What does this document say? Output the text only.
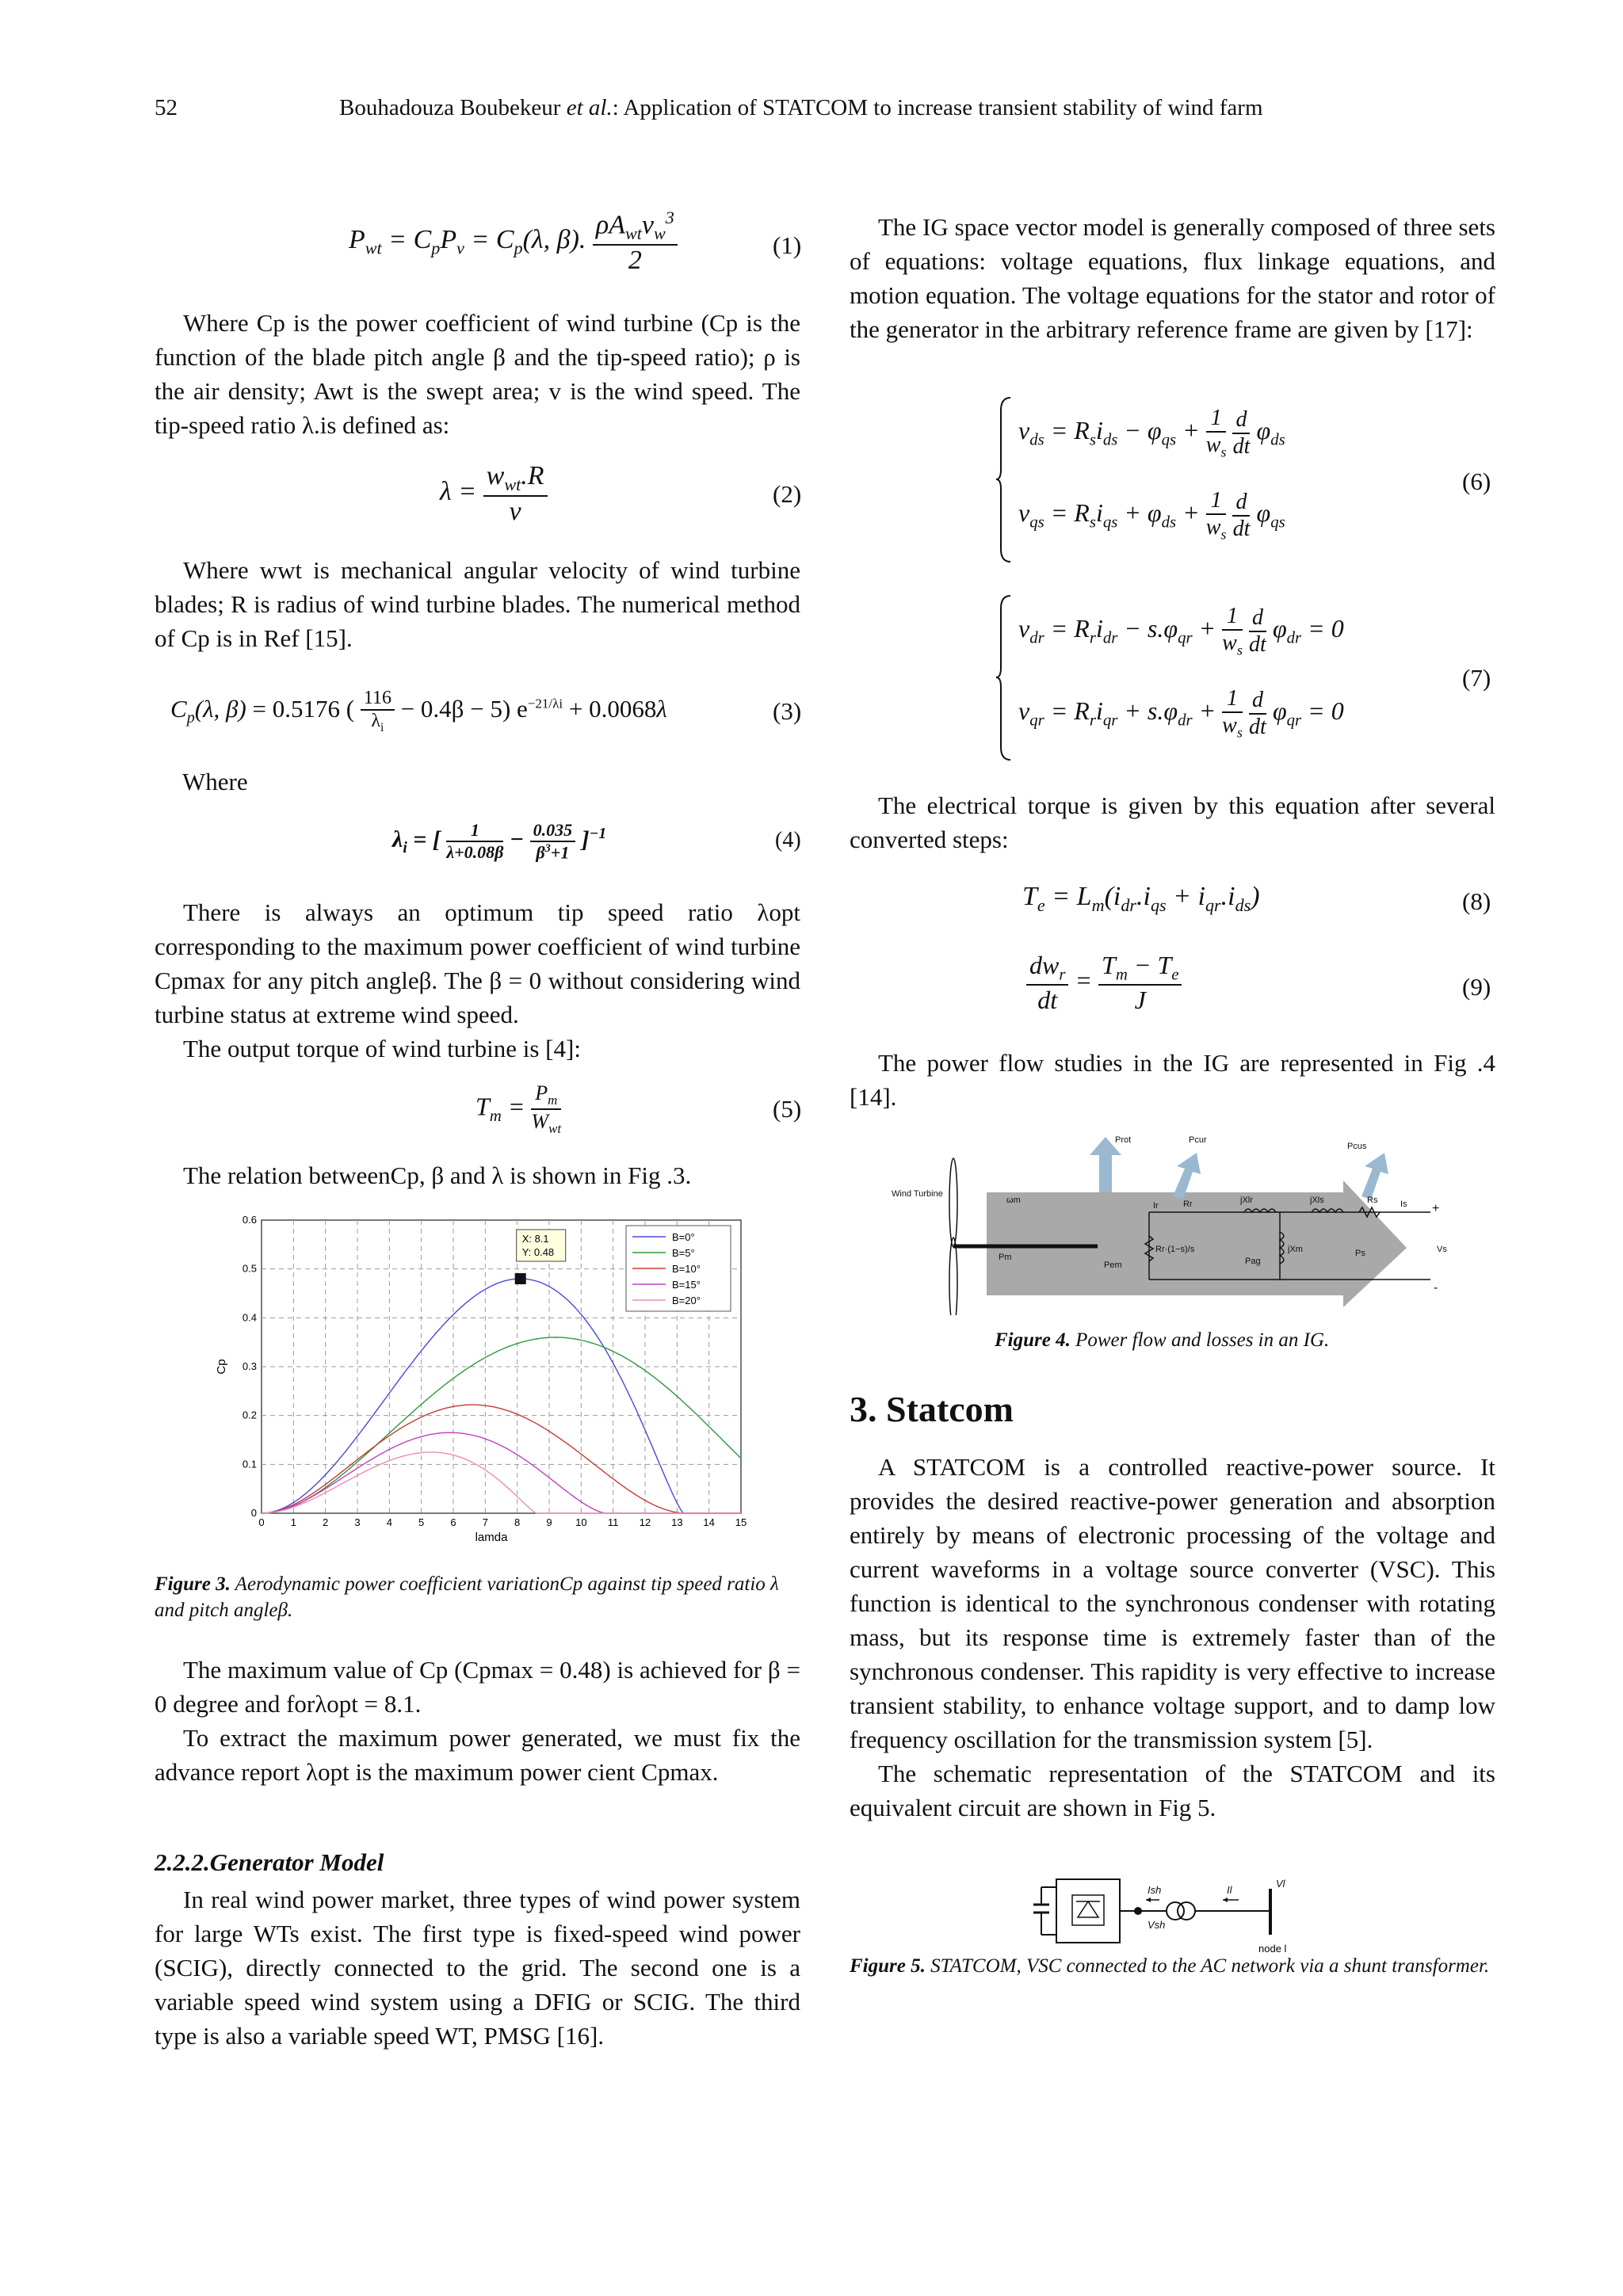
52	Bouhadouza Boubekeur et al.: Application of STATCOM to increase transient stability of wind farm
$P_{wt} = C_pP_v = C_p(\lambda$, β). $\frac{\rho A_{wt}v_w^3}{2}$	(1)

Where Cp is the power coefficient of wind turbine (Cp is the function of the blade pitch angle β and the tip-speed ratio); ρ is the air density; Awt is the swept area; v is the wind speed. The tip-speed ratio λ.is defined as:

$\lambda = \frac{w_{wt}.R}{v}$	(2)

Where wwt is mechanical angular velocity of wind turbine blades; R is radius of wind turbine blades. The numerical method of Cp is in Ref [15].

$C_p(\lambda$, β) = 0.5176 ( $\frac{116}{\lambda_i} - 0.4\beta - 5$) $e^{-21/\lambda i} + 0.0068\lambda$	(3)

Where

$\lambda_i$ = [ $\frac{1}{\lambda+0.08\beta} - \frac{0.035}{\beta^3+1} ]^{-1}$	(4)

There is always an optimum tip speed ratio λopt corresponding to the maximum power coefficient of wind turbine Cpmax for any pitch angleβ. The β = 0 without considering wind turbine status at extreme wind speed.

The output torque of wind turbine is [4]:

$T_m = \frac{P_m}{W_{wt}}$	(5)

The relation betweenCp, β and λ is shown in Fig .3.

0	1	2	3	4	5	6	7	8	9 10 11 12 13 14 15
0
0.1
0.2
0.3
0.4
0.5
0.6
B=0°
B=5°
B=10°
B=15°
B=20°
X: 8.1
Y: 0.48
lamda
Cp
Figure 3. Aerodynamic power coefficient variationCp against tip speed ratio λ and pitch angleβ.

The maximum value of Cp (Cpmax = 0.48) is achieved for β = 0 degree and forλopt = 8.1.

To extract the maximum power generated, we must fix the advance report λopt is the maximum power cient Cpmax.

2.2.2.Generator Model

In real wind power market, three types of wind power system for large WTs exist. The first type is fixed-speed wind power (SCIG), directly connected to the grid. The second one is a variable speed wind system using a DFIG or SCIG. The third type is also a variable speed WT, PMSG [16].

The IG space vector model is generally composed of three sets of equations: voltage equations, flux linkage equations, and motion equation. The voltage equations for the stator and rotor of the generator in the arbitrary reference frame are given by [17]:

$v_{ds} = R_si_{ds} - \varphi_{qs} + \frac{1}{w_s}$
$\frac{d}{dt} \varphi_{ds}$
$v_{qs} = R_si_{qs} + \varphi_{ds} + \frac{1}{w_s}$
$\frac{d}{dt} \varphi_{qs}$
(6)
$v_{dr} = R_ri_{dr} - s.\varphi_{qr} + \frac{1}{w_s}$
$\frac{d}{dt} \varphi_{dr} = 0$
$v_{qr} = R_ri_{qr} + s.\varphi_{dr} + \frac{1}{w_s}$
$\frac{d}{dt} \varphi_{qr} = 0$
(7)

The electrical torque is given by this equation after several converted steps:

$T_e = L_m(i_{dr}.i_{qs} + i_{qr}.i_{ds})$	(8)
$\frac{dw_r}{dt} = \frac{T_m - T_e}{J}$	(9)

The power flow studies in the IG are represented in Fig .4 [14].

Prot	Pcur
Pcus
Wind Turbine
ωm
Pm
Pem	Pag
Ps	Vs
Ir	Is
jXlr	jXls	Rs
Rr
jXm
Rr·(1−s)/s
+
-
Figure 4. Power flow and losses in an IG.
3. Statcom

A STATCOM is a controlled reactive-power source. It provides the desired reactive-power generation and absorption entirely by means of electronic processing of the voltage and current waveforms in a voltage source converter (VSC). This function is identical to the synchronous condenser with rotating mass, but its response time is extremely faster than of the synchronous condenser. This rapidity is very effective to increase transient stability, to enhance voltage support, and to damp low frequency oscillation for the transmission system [5].

The schematic representation of the STATCOM and its equivalent circuit are shown in Fig 5.

Ish	Il
Vl
Vsh
node l
Figure 5. STATCOM, VSC connected to the AC network via a shunt transformer.
